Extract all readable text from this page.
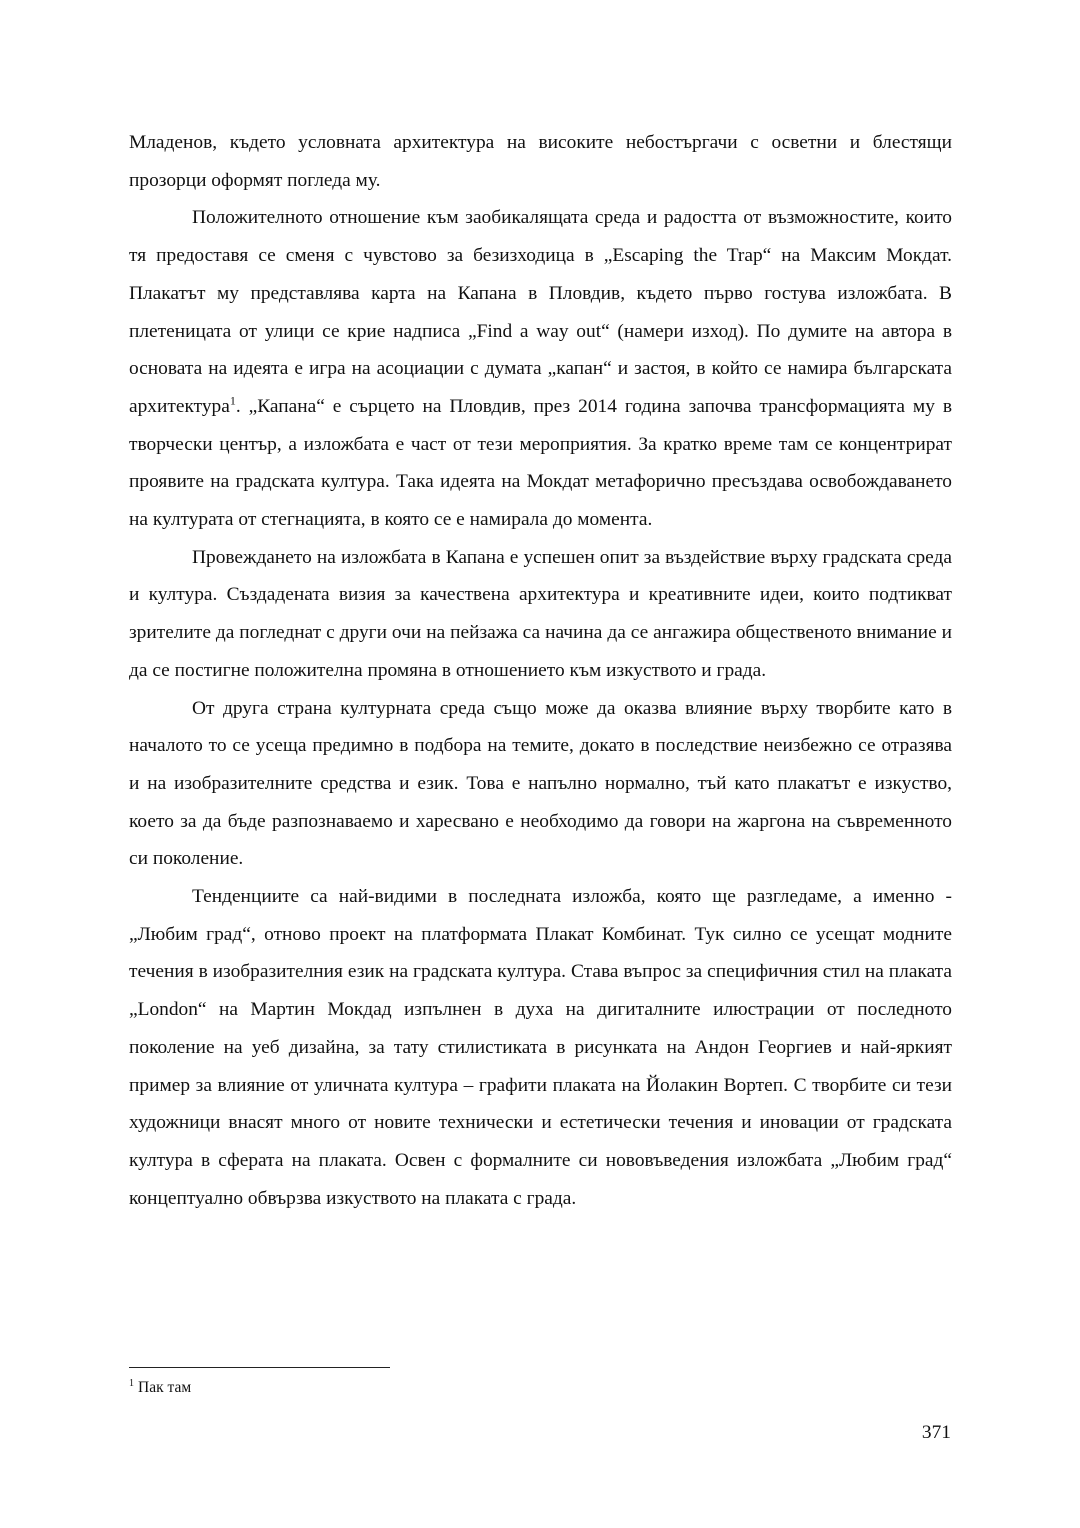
Младенов, където условната архитектура на високите небостъргачи с осветни и блестящи прозорци оформят погледа му.

Положителното отношение към заобикалящата среда и радостта от възможностите, които тя предоставя се сменя с чувстово за безизходица в „Escaping the Trap“ на Максим Мокдат. Плакатът му представлява карта на Капана в Пловдив, където първо гостува изложбата. В плетеницата от улици се крие надписа „Find a way out“ (намери изход). По думите на автора в основата на идеята е игра на асоциации с думата „капан“ и застоя, в който се намира българската архитектура$^1$. „Капана“ е сърцето на Пловдив, през 2014 година започва трансформацията му в творчески център, а изложбата е част от тези мероприятия. За кратко време там се концентрират проявите на градската култура. Така идеята на Мокдат метафорично пресъздава освобождаването на културата от стегнацията, в която се е намирала до момента.

Провеждането на изложбата в Капана е успешен опит за въздействие върху градската среда и култура. Създадената визия за качествена архитектура и креативните идеи, които подтикват зрителите да погледнат с други очи на пейзажа са начина да се ангажира общественото внимание и да се постигне положителна промяна в отношението към изкуството и града.

От друга страна културната среда също може да оказва влияние върху творбите като в началото то се усеща предимно в подбора на темите, докато в последствие неизбежно се отразява и на изобразителните средства и език. Това е напълно нормално, тъй като плакатът е изкуство, което за да бъде разпознаваемо и харесвано е необходимо да говори на жаргона на съвременното си поколение.

Тенденциите са най-видими в последната изложба, която ще разгледаме, а именно - „Любим град“, отново проект на платформата Плакат Комбинат. Тук силно се усещат модните течения в изобразителния език на градската култура. Става въпрос за специфичния стил на плаката „London“ на Мартин Мокдад изпълнен в духа на дигиталните илюстрации от последното поколение на уеб дизайна, за тату стилистиката в рисунката на Андон Георгиев и най-яркият пример за влияние от уличната култура – графити плаката на Йолакин Вортеп. С творбите си тези художници внасят много от новите технически и естетически течения и иновации от градската култура в сферата на плаката. Освен с формалните си нововъведения изложбата „Любим град“ концептуално обвързва изкуството на плаката с града.

$^1$ Пак там
371
